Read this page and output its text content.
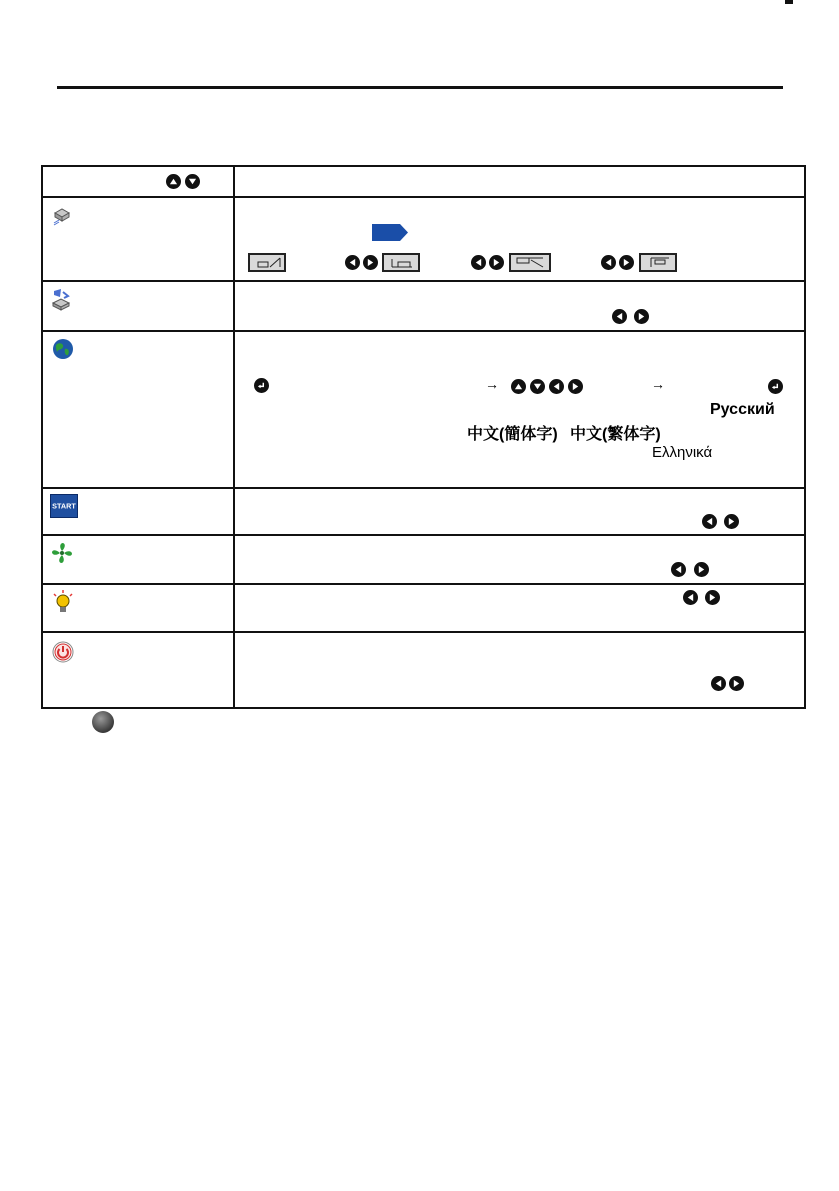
→	→
Русский
中文(簡体字) 中文(繁体字)
Ελληνικά
START
